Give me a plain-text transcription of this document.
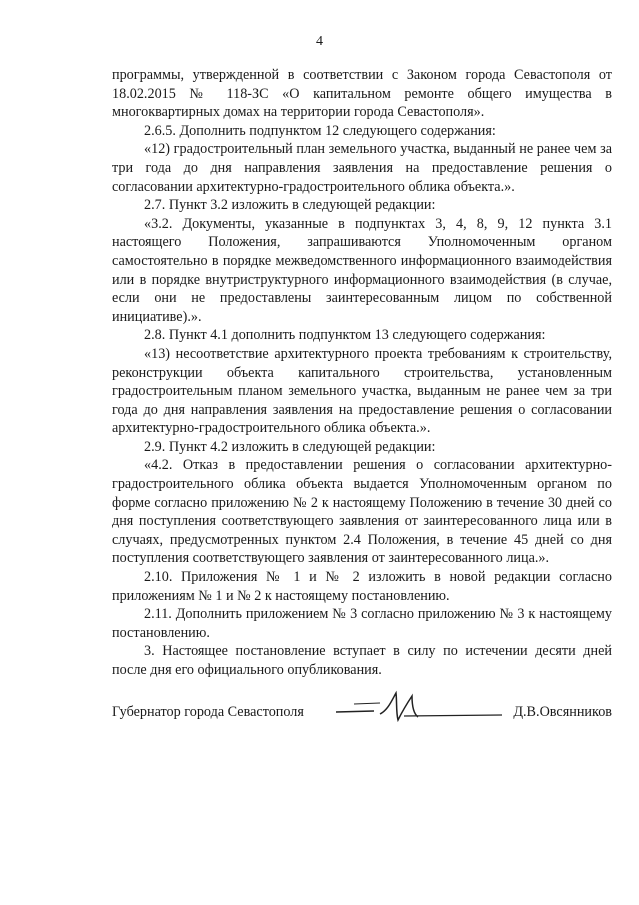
4

программы, утвержденной в соответствии с Законом города Севастополя от 18.02.2015 № 118-ЗС «О капитальном ремонте общего имущества в многоквартирных домах на территории города Севастополя».

2.6.5. Дополнить подпунктом 12 следующего содержания:

«12) градостроительный план земельного участка, выданный не ранее чем за три года до дня направления заявления на предоставление решения о согласовании архитектурно-градостроительного облика объекта.».

2.7. Пункт 3.2 изложить в следующей редакции:

«3.2. Документы, указанные в подпунктах 3, 4, 8, 9, 12 пункта 3.1 настоящего Положения, запрашиваются Уполномоченным органом самостоятельно в порядке межведомственного информационного взаимодействия или в порядке внутриструктурного информационного взаимодействия (в случае, если они не предоставлены заинтересованным лицом по собственной инициативе).».

2.8. Пункт 4.1 дополнить подпунктом 13 следующего содержания:

«13) несоответствие архитектурного проекта требованиям к строительству, реконструкции объекта капитального строительства, установленным градостроительным планом земельного участка, выданным не ранее чем за три года до дня направления заявления на предоставление решения о согласовании архитектурно-градостроительного облика объекта.».

2.9. Пункт 4.2 изложить в следующей редакции:

«4.2. Отказ в предоставлении решения о согласовании архитектурно-градостроительного облика объекта выдается Уполномоченным органом по форме согласно приложению № 2 к настоящему Положению в течение 30 дней со дня поступления соответствующего заявления от заинтересованного лица или в случаях, предусмотренных пунктом 2.4 Положения, в течение 45 дней со дня поступления соответствующего заявления от заинтересованного лица.».

2.10. Приложения № 1 и № 2 изложить в новой редакции согласно приложениям № 1 и № 2 к настоящему постановлению.

2.11. Дополнить приложением № 3 согласно приложению № 3 к настоящему постановлению.

3. Настоящее постановление вступает в силу по истечении десяти дней после дня его официального опубликования.

Губернатор города Севастополя	Д.В.Овсянников
